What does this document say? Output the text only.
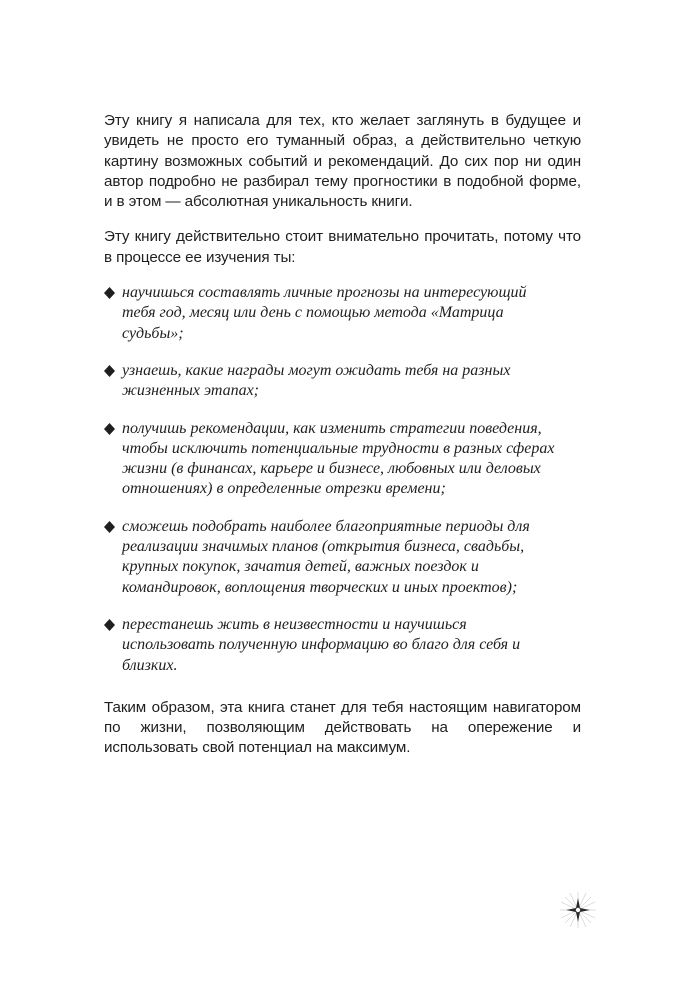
Эту книгу я написала для тех, кто желает заглянуть в будущее и увидеть не просто его туманный образ, а действительно четкую картину возможных событий и рекомендаций. До сих пор ни один автор подробно не разбирал тему прогностики в подобной форме, и в этом — абсолютная уникальность книги.

Эту книгу действительно стоит внимательно прочитать, потому что в процессе ее изучения ты:

научишься составлять личные прогнозы на интересующий тебя год, месяц или день с помощью метода «Матрица судьбы»;
узнаешь, какие награды могут ожидать тебя на разных жизненных этапах;
получишь рекомендации, как изменить стратегии поведения, чтобы исключить потенциальные трудности в разных сферах жизни (в финансах, карьере и бизнесе, любовных или деловых отношениях) в определенные отрезки времени;
сможешь подобрать наиболее благоприятные периоды для реализации значимых планов (открытия бизнеса, свадьбы, крупных покупок, зачатия детей, важных поездок и командировок, воплощения творческих и иных проектов);
перестанешь жить в неизвестности и научишься использовать полученную информацию во благо для себя и близких.

Таким образом, эта книга станет для тебя настоящим навигатором по жизни, позволяющим действовать на опережение и использовать свой потенциал на максимум.
